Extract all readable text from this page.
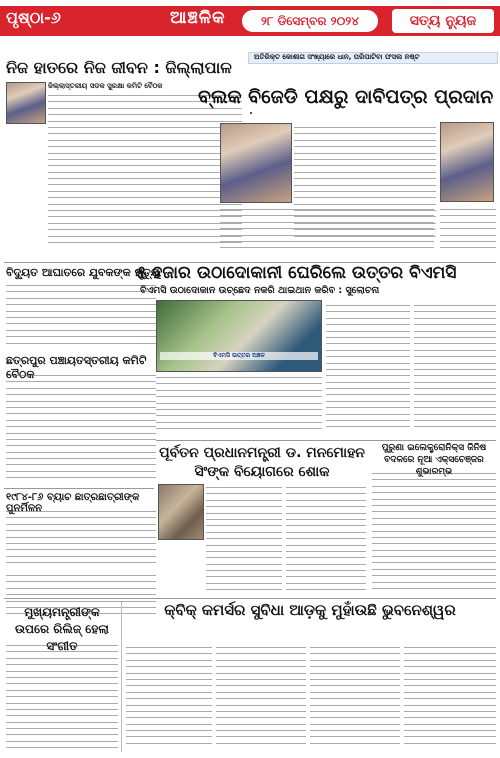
ପୃଷ୍ଠା-୬	ଆଞ୍ଚଳିକ	୨୮ ଡିସେମ୍ବର ୨୦୨୪	ସତ୍ୟ ନ୍ୟୁଜ
ନିଜ ହାତରେ ନିଜ ଜୀବନ : ଜିଲ୍ଲାପାଳ
ଜିଲ୍ଲାସ୍ତରୀୟ ସଡକ ସୁରକ୍ଷା କମିଟି ବୈଠକ
ଅତିରିକ୍ତ କୋଶାଗ ସଂଖ୍ୟାରେ ଧାନ, ପରିପାଟିବା ଫସଲ ନଷ୍ଟ
ବ୍ଲକ ବିଜେଡି ପକ୍ଷରୁ ଦାବିପତ୍ର ପ୍ରଦାନ
ବିଦ୍ୟୁତ ଆଘାତରେ ଯୁବକଙ୍କ ମୃତ୍ୟୁ
୫ ହଜାର ଉଠାଦୋକାନୀ ଘେରିଲେ ଉତ୍ତର ବିଏମସି
ବିଏମସି ଉଠାଦୋକାନ ଉଚ୍ଛେଦ ନକରି ଥାଇଥାନ କରିବ : ସୁଲୋଚନା
ବିଏମସି ଉତ୍ତର ଅଞ୍ଚଳ
ଛତ୍ରପୁର ପଞ୍ଚାୟତସ୍ତରୀୟ କମିଟି
୧୯୮୪-୮୬ ବ୍ୟାଚ ଛାତ୍ରଛାତ୍ରୀଙ୍କ
ପୂର୍ବତନ ପ୍ରଧାନମନ୍ତ୍ରୀ ଡ. ମନମୋହନ ସିଂଙ୍କ ବିୟୋଗରେ ଶୋକ
ପୁରୁଣା ଇଲେକ୍ଟ୍ରୋନିକ୍ସ ଜିନିଷ ବଦଳରେ ନୂଆ ଏକ୍ସଚେଞ୍ଜର
ମୁଖ୍ୟମନ୍ତ୍ରୀଙ୍କ ଉପରେ ରିଲିଜ୍ ହେଲା
କ୍ବିକ୍ କମର୍ସର ସୁବିଧା ଆଡ଼କୁ ମୁହାଁଉଛି ଭୁବନେଶ୍ୱର
